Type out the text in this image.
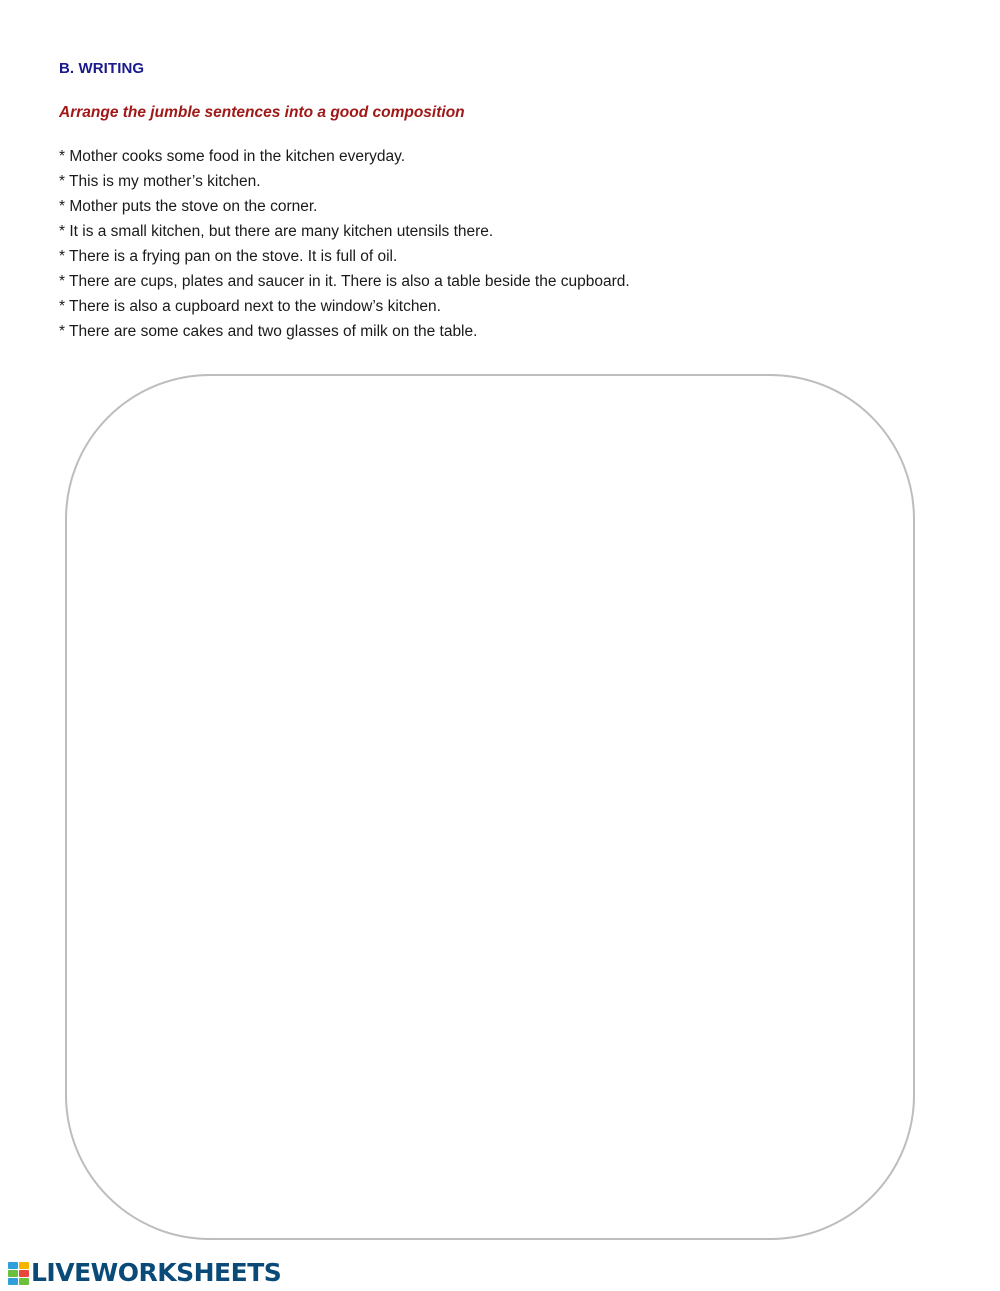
B. WRITING
Arrange the jumble sentences into a good composition
* Mother cooks some food in the kitchen everyday.
* This is my mother’s kitchen.
* Mother puts the stove on the corner.
* It is a small kitchen, but there are many kitchen utensils there.
* There is a frying pan on the stove. It is full of oil.
* There are cups, plates and saucer in it. There is also a table beside the cupboard.
* There is also a cupboard next to the window’s kitchen.
* There are some cakes and two glasses of milk on the table.
LIVEWORKSHEETS
